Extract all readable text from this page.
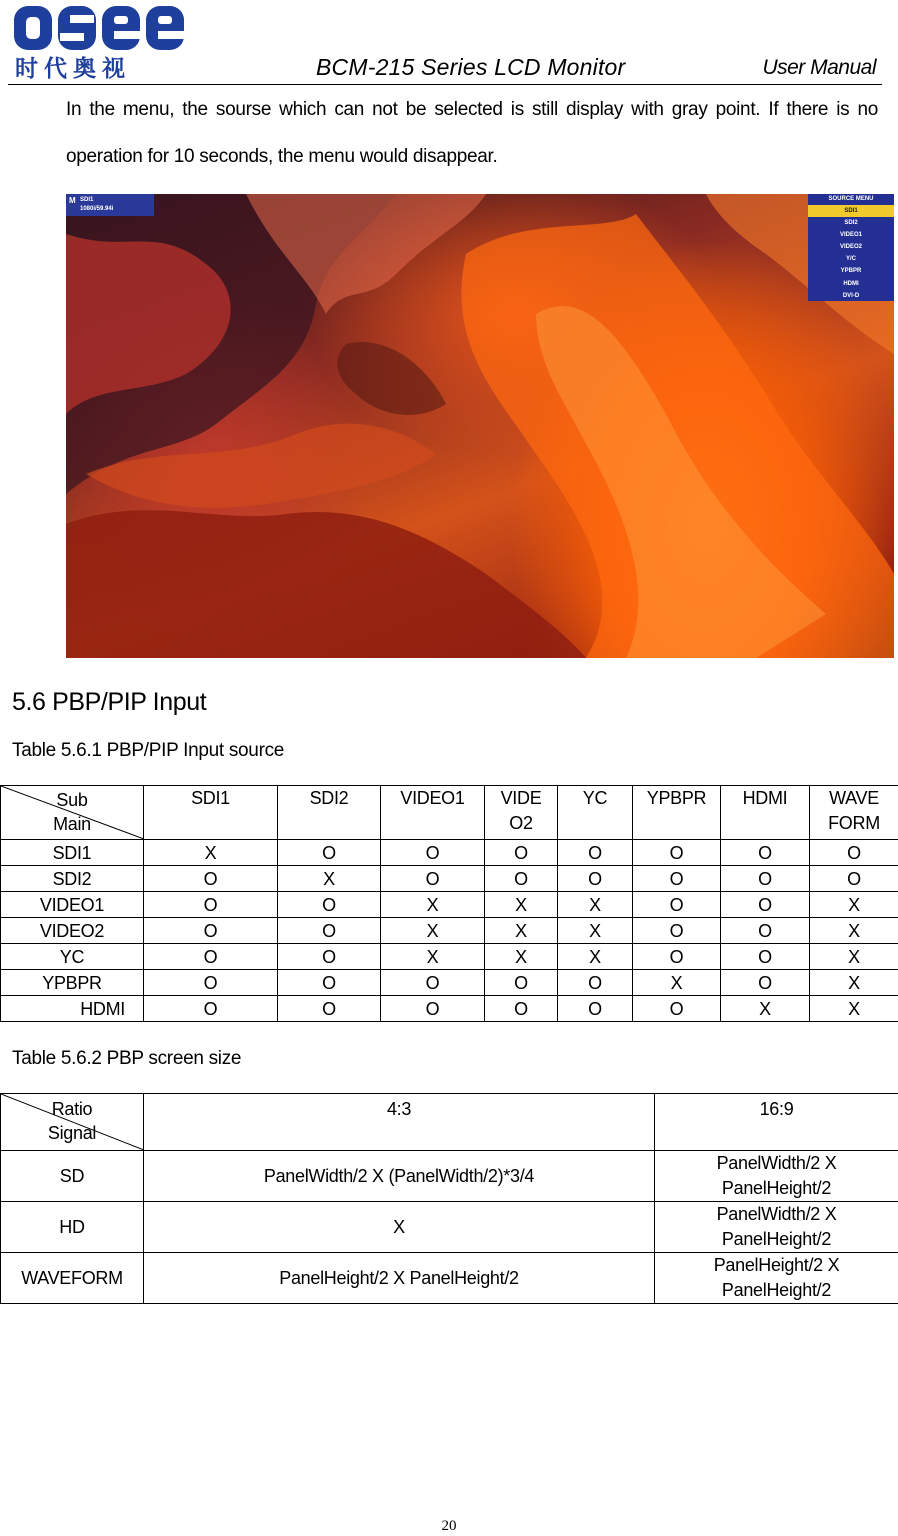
时代奥视	BCM-215 Series LCD Monitor	User Manual
In the menu, the sourse which can not be selected is still display with gray point. If there is no
operation for 10 seconds, the menu would disappear.
M SDI1
1080i/59.94i
SOURCE MENU
SDI1
SDI2
VIDEO1
VIDEO2
Y/C
YPBPR
HDMI
DVI-D
5.6 PBP/PIP Input
Table 5.6.1 PBP/PIP Input source
Sub
Main	SDI1	SDI2	VIDEO1	VIDE O2	YC	YPBPR	HDMI	WAVE FORM
SDI1	X	O	O	O	O	O	O	O
SDI2	O	X	O	O	O	O	O	O
VIDEO1	O	O	X	X	X	O	O	X
VIDEO2	O	O	X	X	X	O	O	X
YC	O	O	X	X	X	O	O	X
YPBPR	O	O	O	O	O	X	O	X
HDMI	O	O	O	O	O	O	X	X
Table 5.6.2 PBP screen size
Ratio
Signal	4:3	16:9
SD	PanelWidth/2 X (PanelWidth/2)*3/4	PanelWidth/2 X PanelHeight/2
HD	X	PanelWidth/2 X PanelHeight/2
WAVEFORM	PanelHeight/2 X PanelHeight/2	PanelHeight/2 X PanelHeight/2
20
